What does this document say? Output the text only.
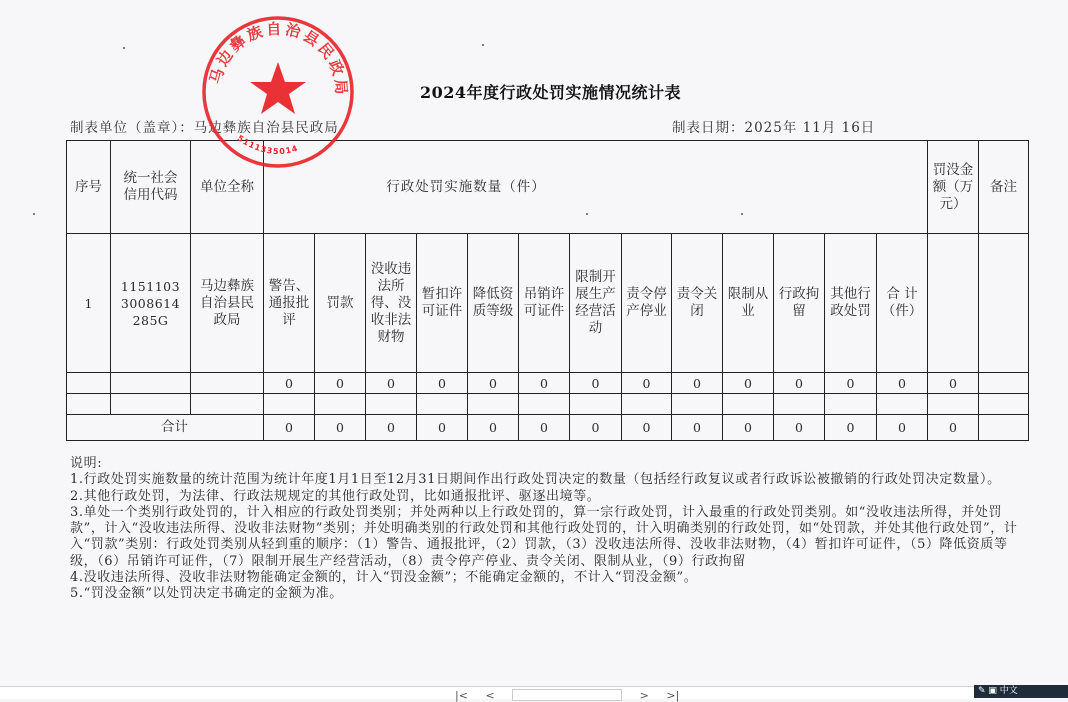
2024年度行政处罚实施情况统计表
制表单位（盖章）：马边彝族自治县民政局	制表日期：2025年 11月 16日
序号	统一社会信用代码	单位全称	行政处罚实施数量（件）													罚没金额（万元）	备注
1	11511033008614285G	马边彝族自治县民政局	警告、通报批评	罚款	没收违法所得、没收非法财物	暂扣许可证件	降低资质等级	吊销许可证件	限制开展生产经营活动	责令停产停业	责令关闭	限制从业	行政拘留	其他行政处罚	合 计（件）		
			0	0	0	0	0	0	0	0	0	0	0	0	0	0	

合计			0	0	0	0	0	0	0	0	0	0	0	0	0	0	
马边彝族自治县民政局
5111335014
说明:
1.行政处罚实施数量的统计范围为统计年度1月1日至12月31日期间作出行政处罚决定的数量（包括经行政复议或者行政诉讼被撤销的行政处罚决定数量）。
2.其他行政处罚，为法律、行政法规规定的其他行政处罚，比如通报批评、驱逐出境等。
3.单处一个类别行政处罚的，计入相应的行政处罚类别；并处两种以上行政处罚的，算一宗行政处罚，计入最重的行政处罚类别。如“没收违法所得，并处罚款”，计入“没收违法所得、没收非法财物”类别；并处明确类别的行政处罚和其他行政处罚的，计入明确类别的行政处罚，如“处罚款，并处其他行政处罚”，计入“罚款”类别：行政处罚类别从轻到重的顺序：（1）警告、通报批评，（2）罚款，（3）没收违法所得、没收非法财物，（4）暂扣许可证件，（5）降低资质等级，（6）吊销许可证件，（7）限制开展生产经营活动，（8）责令停产停业、责令关闭、限制从业，（9）行政拘留
4.没收违法所得、没收非法财物能确定金额的，计入“罚没金额”；不能确定金额的，不计入“罚没金额”。
5.“罚没金额”以处罚决定书确定的金额为准。
|< <	> >|	✎ ▣ 中文
